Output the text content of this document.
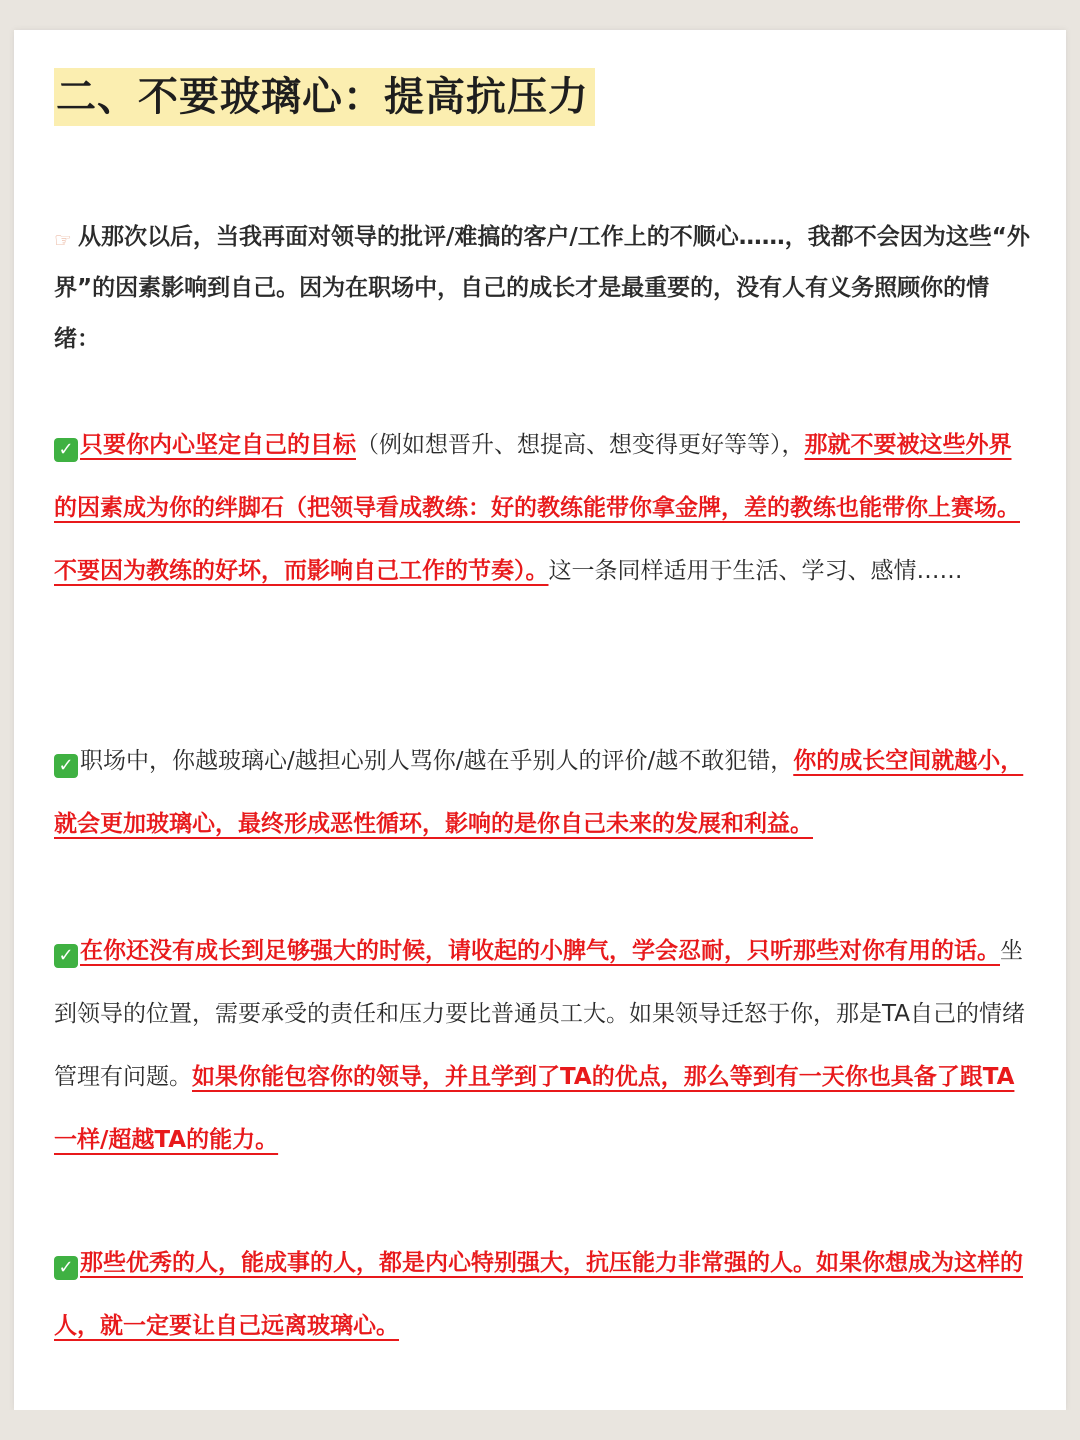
二、不要玻璃心：提高抗压力
☞ 从那次以后，当我再面对领导的批评/难搞的客户/工作上的不顺心……，我都不会因为这些“外界”的因素影响到自己。因为在职场中，自己的成长才是最重要的，没有人有义务照顾你的情绪：
✓ 只要你内心坚定自己的目标（例如想晋升、想提高、想变得更好等等），那就不要被这些外界的因素成为你的绊脚石（把领导看成教练：好的教练能带你拿金牌，差的教练也能带你上赛场。不要因为教练的好坏，而影响自己工作的节奏）。这一条同样适用于生活、学习、感情……
✓ 职场中，你越玻璃心/越担心别人骂你/越在乎别人的评价/越不敢犯错，你的成长空间就越小，就会更加玻璃心，最终形成恶性循环，影响的是你自己未来的发展和利益。
✓ 在你还没有成长到足够强大的时候，请收起的小脾气，学会忍耐，只听那些对你有用的话。坐到领导的位置，需要承受的责任和压力要比普通员工大。如果领导迁怒于你，那是TA自己的情绪管理有问题。如果你能包容你的领导，并且学到了TA的优点，那么等到有一天你也具备了跟TA一样/超越TA的能力。
✓ 那些优秀的人，能成事的人，都是内心特别强大，抗压能力非常强的人。如果你想成为这样的人，就一定要让自己远离玻璃心。
